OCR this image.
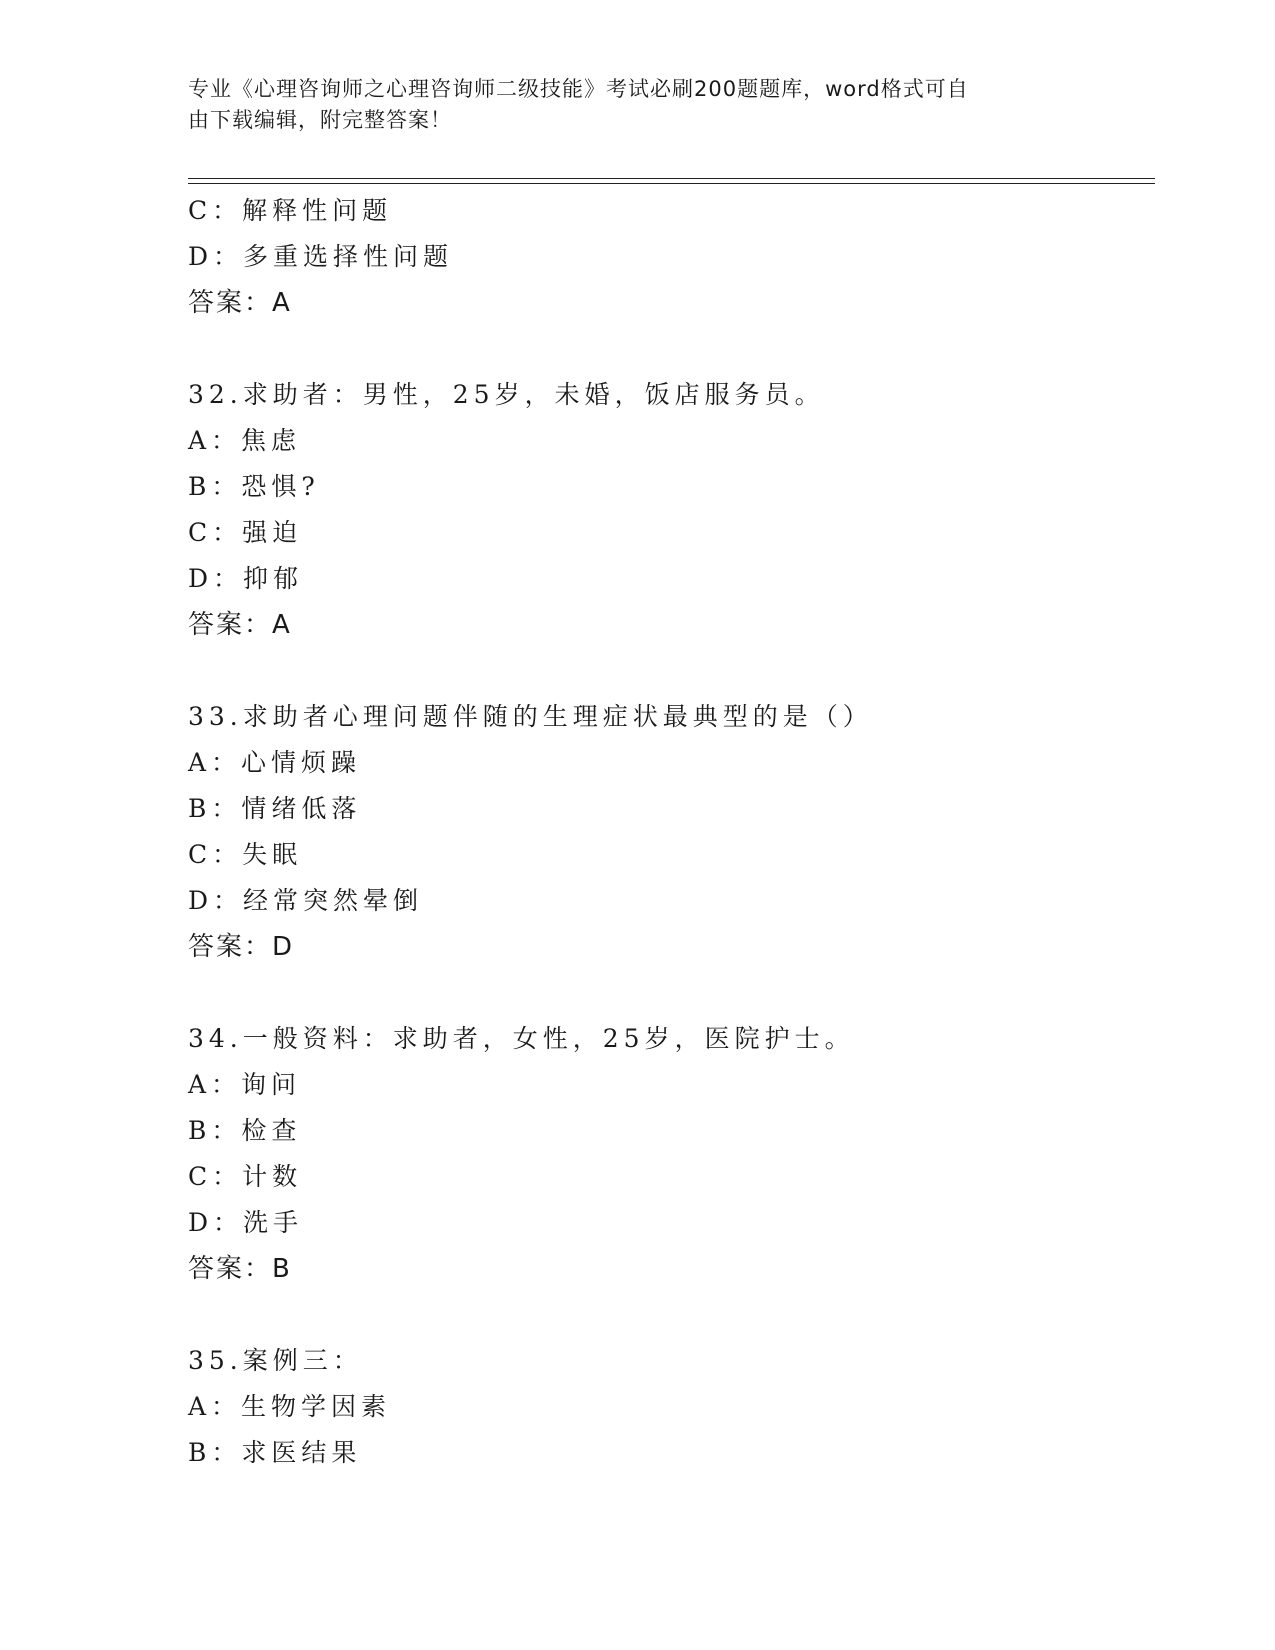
专业《心理咨询师之心理咨询师二级技能》考试必刷200题题库，word格式可自
由下载编辑，附完整答案！
C：解释性问题
D：多重选择性问题
答案：A
32.求助者：男性，25岁，未婚，饭店服务员。
A：焦虑
B：恐惧?
C：强迫
D：抑郁
答案：A
33.求助者心理问题伴随的生理症状最典型的是（）
A：心情烦躁
B：情绪低落
C：失眠
D：经常突然晕倒
答案：D
34.一般资料：求助者，女性，25岁，医院护士。
A：询问
B：检查
C：计数
D：洗手
答案：B
35.案例三：
A：生物学因素
B：求医结果
